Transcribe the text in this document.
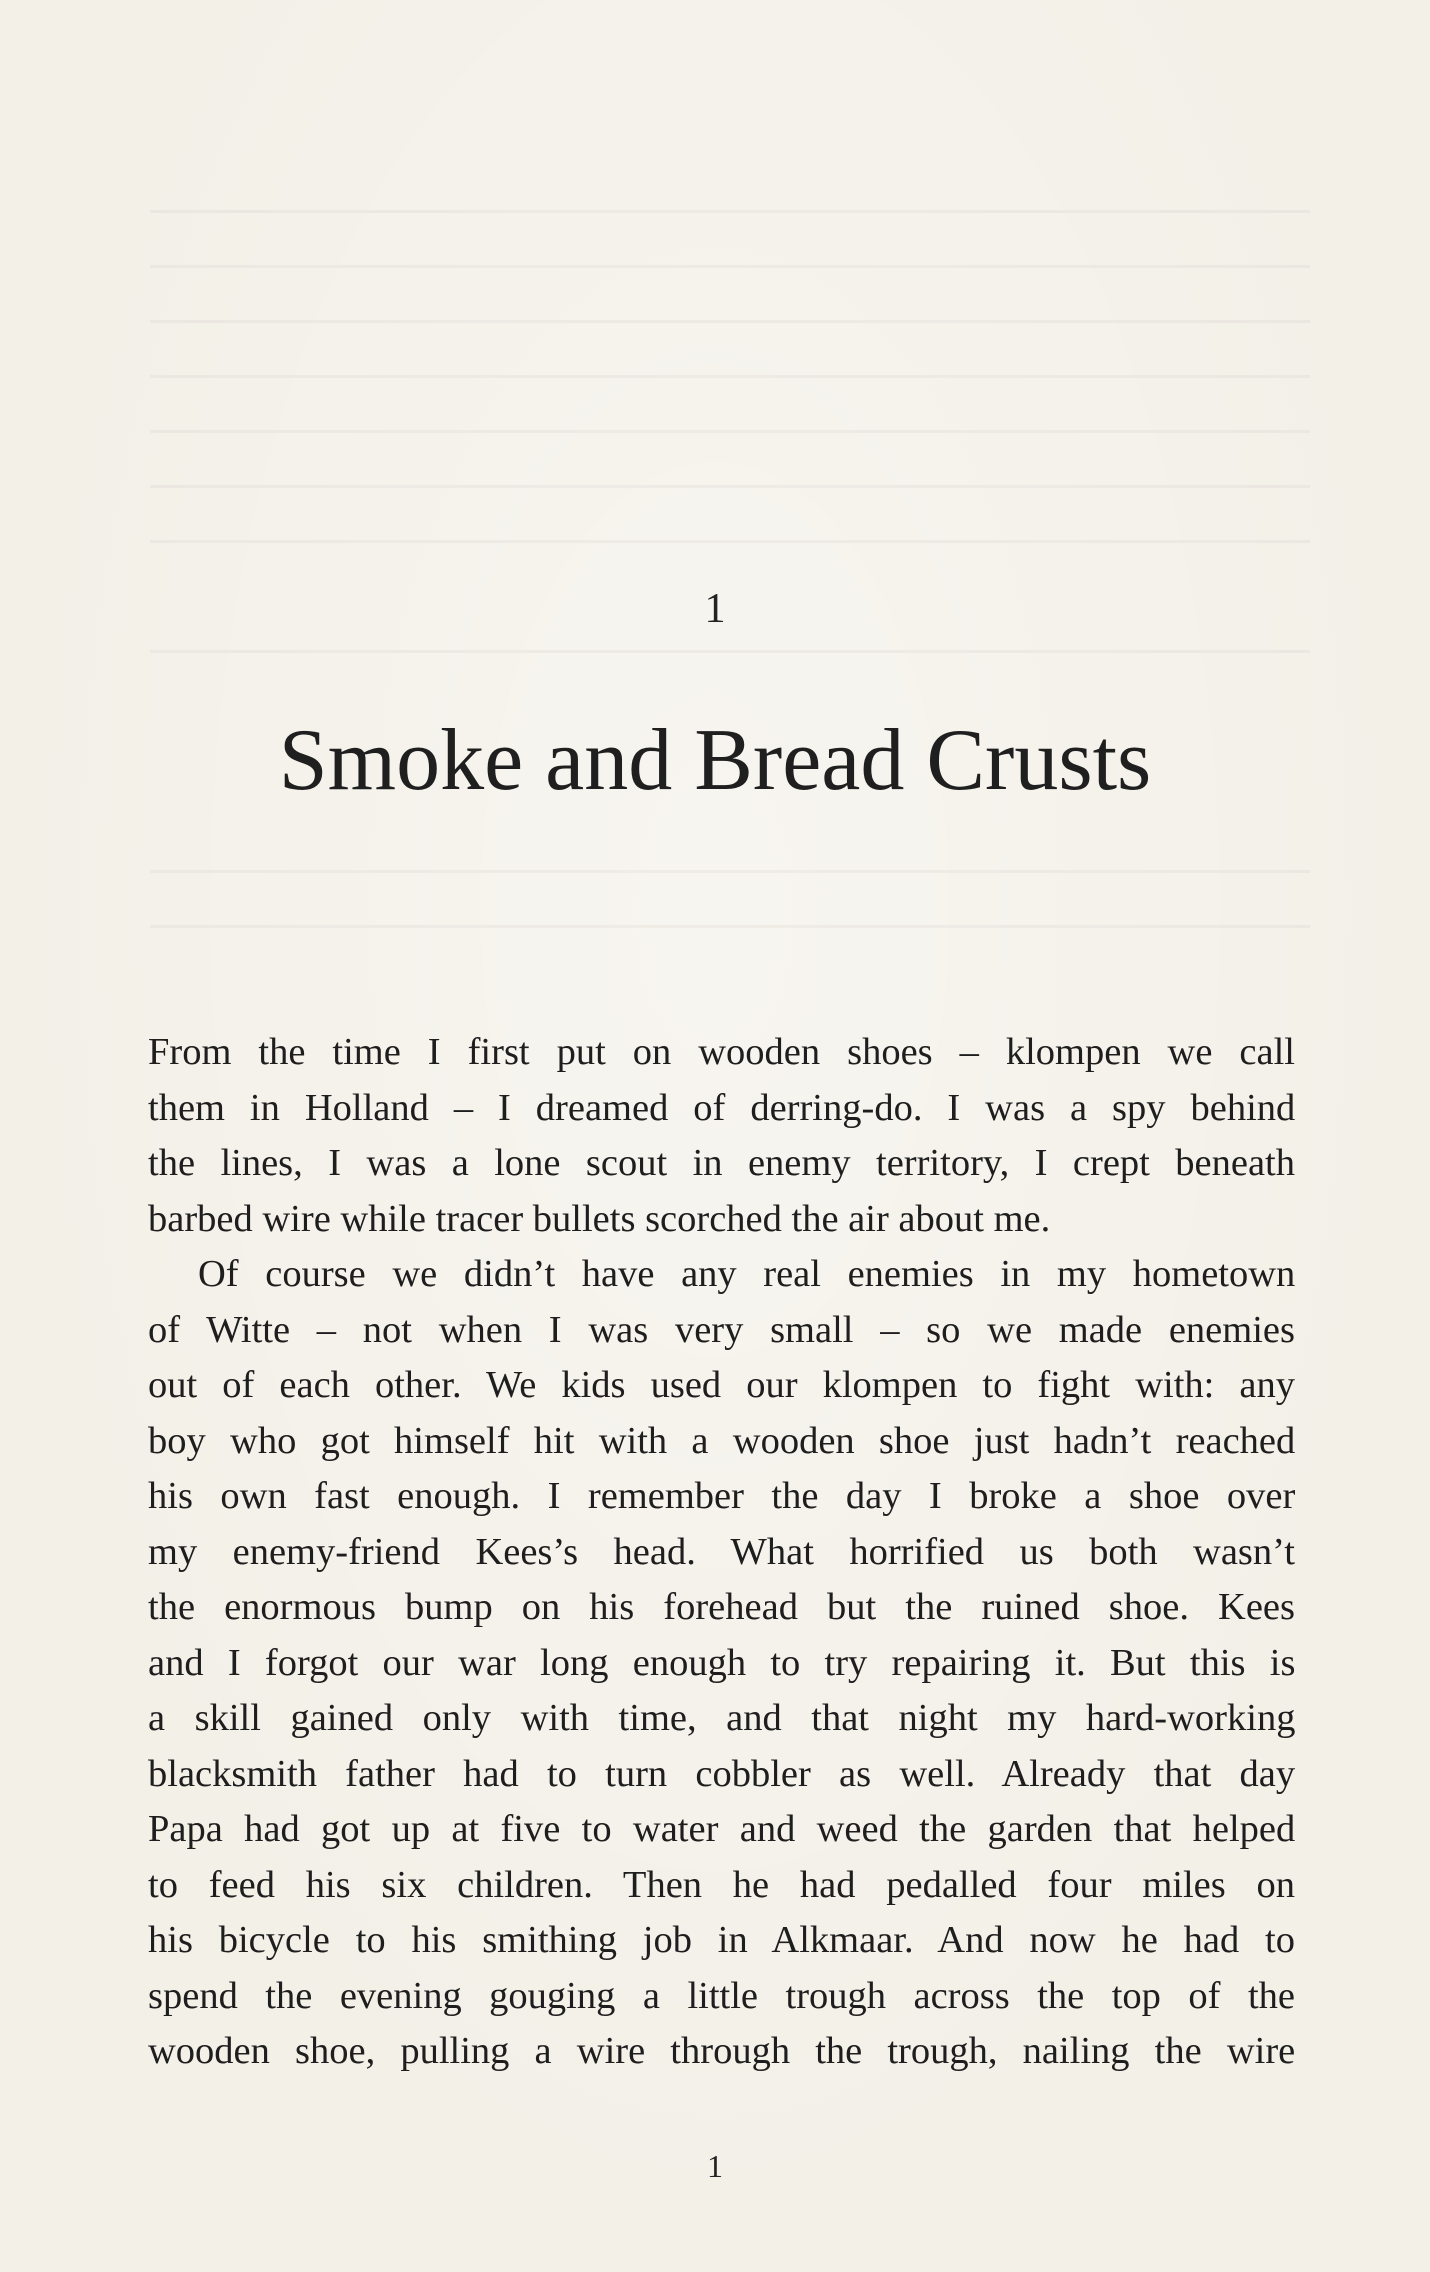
1
Smoke and Bread Crusts

From the time I first put on wooden shoes – klompen we call
them in Holland – I dreamed of derring-do. I was a spy behind
the lines, I was a lone scout in enemy territory, I crept beneath
barbed wire while tracer bullets scorched the air about me.

Of course we didn’t have any real enemies in my hometown
of Witte – not when I was very small – so we made enemies
out of each other. We kids used our klompen to fight with: any
boy who got himself hit with a wooden shoe just hadn’t reached
his own fast enough. I remember the day I broke a shoe over
my enemy-friend Kees’s head. What horrified us both wasn’t
the enormous bump on his forehead but the ruined shoe. Kees
and I forgot our war long enough to try repairing it. But this is
a skill gained only with time, and that night my hard-working
blacksmith father had to turn cobbler as well. Already that day
Papa had got up at five to water and weed the garden that helped
to feed his six children. Then he had pedalled four miles on
his bicycle to his smithing job in Alkmaar. And now he had to
spend the evening gouging a little trough across the top of the
wooden shoe, pulling a wire through the trough, nailing the wire

1
